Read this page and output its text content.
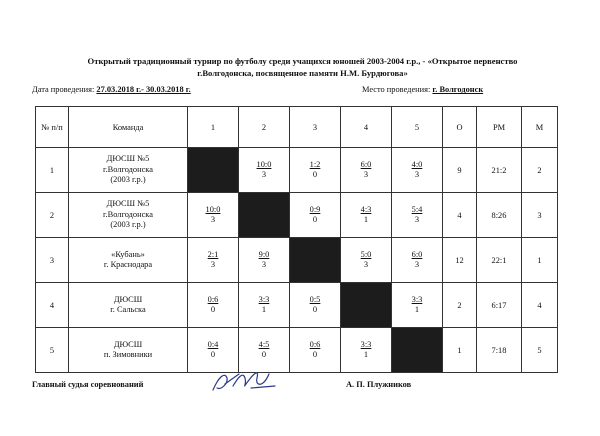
Открытый традиционный турнир по футболу среди учащихся юношей 2003-2004 г.р., - «Открытое первенство
г.Волгодонска, посвященное памяти Н.М. Бурдюгова»
Дата проведения: 27.03.2018 г.- 30.03.2018 г.	Место проведения: г. Волгодонск
№ п/п	Команда	1	2	3	4	5	О	РМ	М
1	ДЮСШ №5
г.Волгодонска
(2003 г.р.)		$\frac{10:0}{3}$	$\frac{1:2}{0}$	$\frac{6:0}{3}$	$\frac{4:0}{3}$	9	21:2	2
2	ДЮСШ №5
г.Волгодонска
(2003 г.р.)	$\frac{10:0}{3}$		$\frac{0:9}{0}$	$\frac{4:3}{1}$	$\frac{5:4}{3}$	4	8:26	3
3	«Кубань»
г. Краснодара	$\frac{2:1}{3}$	$\frac{9:0}{3}$		$\frac{5:0}{3}$	$\frac{6:0}{3}$	12	22:1	1
4	ДЮСШ
г. Сальска	$\frac{0:6}{0}$	$\frac{3:3}{1}$	$\frac{0:5}{0}$		$\frac{3:3}{1}$	2	6:17	4
5	ДЮСШ
п. Зимовники	$\frac{0:4}{0}$	$\frac{4:5}{0}$	$\frac{0:6}{0}$	$\frac{3:3}{1}$		1	7:18	5
Главный судья соревнований	А. П. Плужников
